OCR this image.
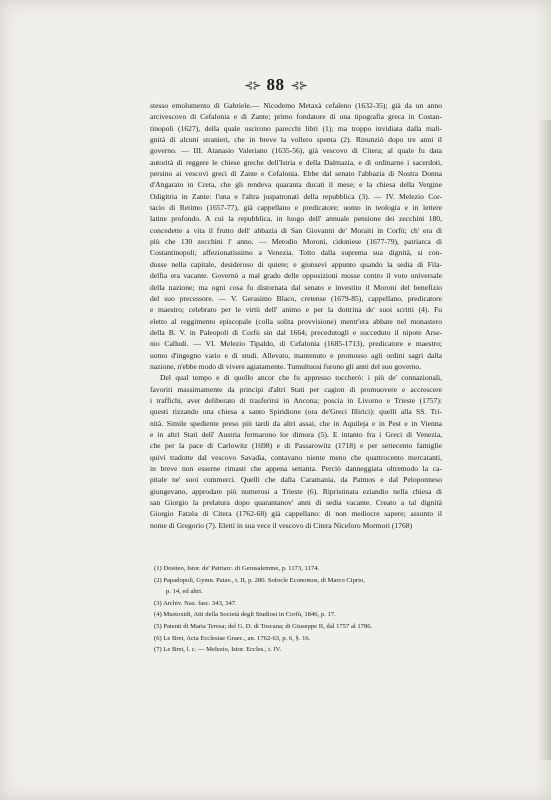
⊰⊱ 88 ⊰⊱
stesso emolumento di Gabriele.— Nicodemo Metaxà cefaleno (1632-35); già da un anno
arcivescovo di Cefalonia e di Zante; primo fondatore di una tipografia greca in Costan-
tinopoli (1627), della quale uscirono parecchi libri (1); ma troppo invidiata dalla mali-
gnità di alcuni stranieri, che in breve la vollero spenta (2). Rinunziò dopo tre anni il
governo. — III. Atanasio Valeriano (1635-56), già vescovo di Citera; al quale fu data
autorità di reggere le chiese greche dell'Istria e della Dalmazia, e di ordinarne i sacerdoti,
persino ai vescovi greci di Zante e Cefalonia. Ebbe dal senato l'abbazia di Nostra Donna
d'Angarato in Creta, che gli rendeva quaranta ducati il mese; e la chiesa della Vergine
Odigitria in Zante: l'una e l'altra juspatronati della repubblica (3). — IV. Melezio Cor-
tacio di Retimo (1657-77), già cappellano e predicatore; uomo in teologia e in lettere
latine profondo. A cui la repubblica, in luogo dell' annuale pensione dei zecchini 180,
concedette a vita il frutto dell' abbazia di San Giovanni de' Moraiti in Corfù; ch' era di
più che 130 zecchini l' anno. — Metodio Moroni, cidoniese (1677-79), patriarca di
Costantinopoli; affezionatissimo a Venezia. Tolto dalla suprema sua dignità, si con-
dusse nella capitale, desideroso di quiete; e giunsevi appunto quando la sedia di Fila-
delfia era vacante. Governò a mal grado delle opposizioni mosse contro il voto universale
della nazione; ma ogni cosa fu distornata dal senato e investito il Moroni del benefizio
del suo precessore. — V. Gerasimo Blaco, cretense (1679-85), cappellano, predicatore
e maestro; celebrato per le virtù dell' animo e per la dottrina de' suoi scritti (4). Fu
eletto al reggimento episcopale (colla solita provvisione) mentr'era abbate nel monastero
della B. V. in Paleopoli di Corfù sin dal 1664; precedutogli e succeduto il nipote Arse-
nio Calludi. — VI. Melezio Tipaldo, di Cefalonia (1685-1713), predicatore e maestro;
uomo d'ingegno vario e di studi. Allevato, mantenuto e promosso agli ordini sagri dalla
nazione, n'ebbe modo di vivere agiatamente. Tumultuosi furono gli anni del suo governo.
Del qual tempo e di quello ancor che fu appresso toccherò: i più de' connazionali,
favoriti massimamente da principi d'altri Stati per cagion di promuovere e accrescere
i traffichi, aver deliberato di trasferirsi in Ancona; poscia in Livorno e Trieste (1757):
questi rizzando una chiesa a santo Spiridione (ora de'Greci Illirici): quelli alla SS. Tri-
nità. Simile spediente preso più tardi da altri assai, che in Aquileja e in Pest e in Vienna
e in altri Stati dell' Austria fermarono lor dimora (5). E intanto fra i Greci di Venezia,
che per la pace di Carlowitz (1698) e di Passarowitz (1718) e per settecento famiglie
quivi tradotte dal vescovo Savadia, contavano niente meno che quattrocento mercatanti,
in breve non esserne rimasti che appena settanta. Perciò danneggiata oltremodo la ca-
pitale ne' suoi commerci. Quelli che dalla Caramania, da Patmos e dal Peloponneso
giungevano, approdare più numerosi a Trieste (6). Ripristinata eziandio nella chiesa di
san Giorgio la prelatura dopo quarantanov' anni di sedia vacante. Creato a tal dignità
Giorgio Fatzèa di Citera (1762-68) già cappellano: di non mediocre sapere; assunto il
nome di Gregorio (7). Eletti in sua vece il vescovo di Citera Niceforo Mormori (1768)
(1) Dositeo, Istor. de' Patriarc. di Gerusalemme, p. 1173, 1174.
(2) Papadopoli, Gymn. Patav., t. II, p. 280. Sofocle Economos, di Marco Ciprio,
p. 14, ed altri.
(3) Archiv. Naz. fasc. 343, 347.
(4) Mustoxidi, Atti della Società degli Studiosi in Corfù, 1846, p. 17.
(5) Patenti di Maria Teresa; del G. D. di Toscana; di Giuseppe II, dal 1757 al 1786.
(6) Le Bret, Acta Ecclesiae Graec., an. 1762-63, p. 6, §. 16.
(7) Le Bret, l. c. — Melezio, Istor. Eccles., t. IV.
